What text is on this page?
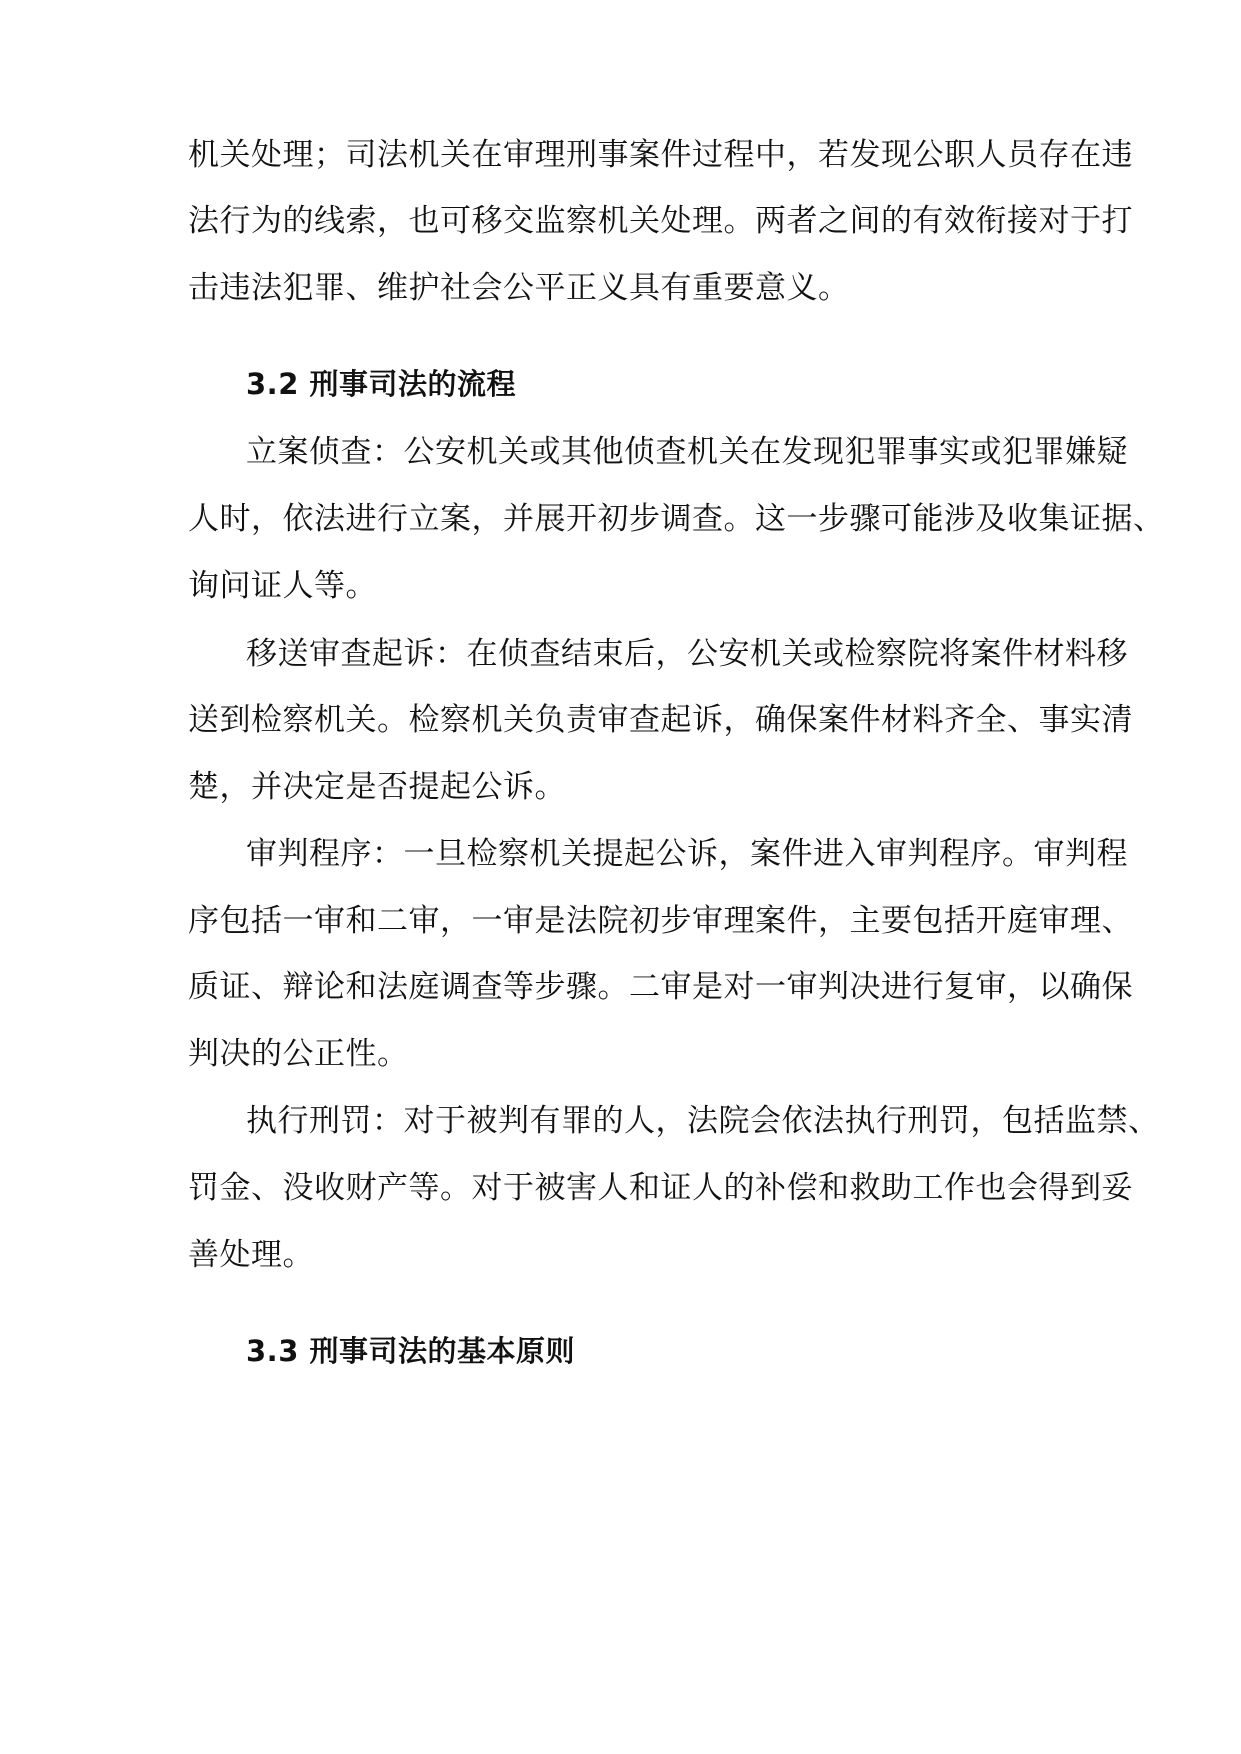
机关处理；司法机关在审理刑事案件过程中，若发现公职人员存在违
法行为的线索，也可移交监察机关处理。两者之间的有效衔接对于打
击违法犯罪、维护社会公平正义具有重要意义。
3.2 刑事司法的流程
立案侦查：公安机关或其他侦查机关在发现犯罪事实或犯罪嫌疑
人时，依法进行立案，并展开初步调查。这一步骤可能涉及收集证据、
询问证人等。
移送审查起诉：在侦查结束后，公安机关或检察院将案件材料移
送到检察机关。检察机关负责审查起诉，确保案件材料齐全、事实清
楚，并决定是否提起公诉。
审判程序：一旦检察机关提起公诉，案件进入审判程序。审判程
序包括一审和二审，一审是法院初步审理案件，主要包括开庭审理、
质证、辩论和法庭调查等步骤。二审是对一审判决进行复审，以确保
判决的公正性。
执行刑罚：对于被判有罪的人，法院会依法执行刑罚，包括监禁、
罚金、没收财产等。对于被害人和证人的补偿和救助工作也会得到妥
善处理。
3.3 刑事司法的基本原则
